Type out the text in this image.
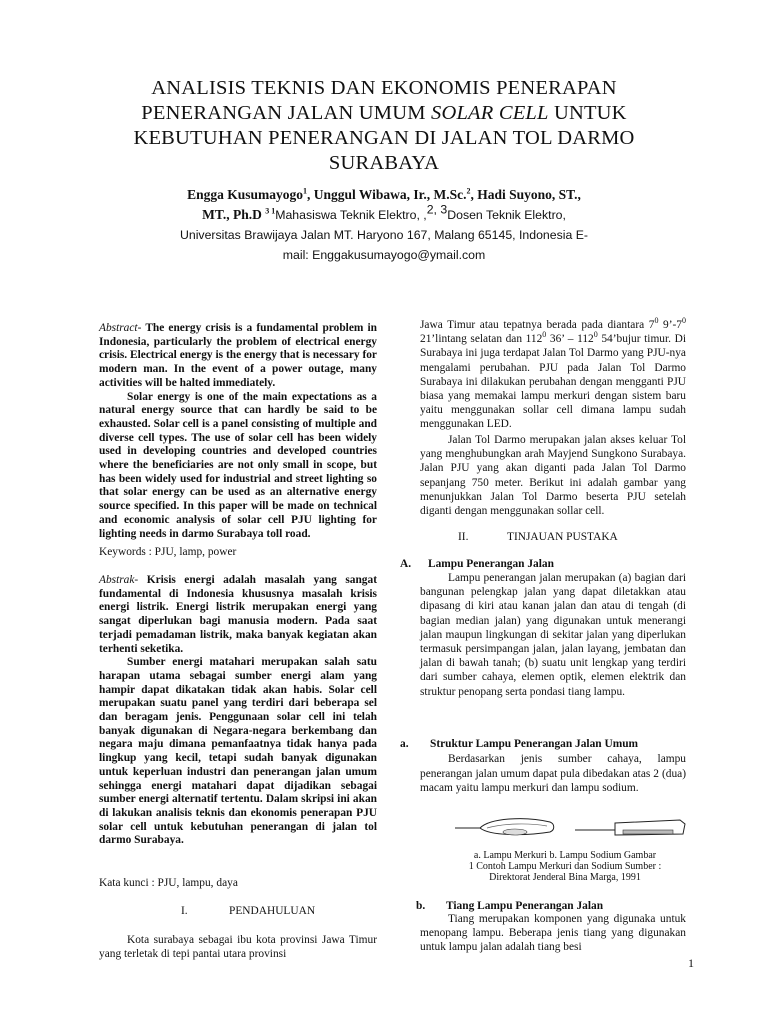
ANALISIS TEKNIS DAN EKONOMIS PENERAPAN
PENERANGAN JALAN UMUM SOLAR CELL UNTUK
KEBUTUHAN PENERANGAN DI JALAN TOL DARMO
SURABAYA
Engga Kusumayogo$^1$, Unggul Wibawa, Ir., M.Sc.$^2$, Hadi Suyono, ST.,
MT., Ph.D $^{3 1}$Mahasiswa Teknik Elektro, ,$^{2, 3}$Dosen Teknik Elektro,
Universitas Brawijaya Jalan MT. Haryono 167, Malang 65145, Indonesia E-
mail: Enggakusumayogo@ymail.com
Abstract- The energy crisis is a fundamental problem in Indonesia, particularly the problem of electrical energy crisis. Electrical energy is the energy that is necessary for modern man. In the event of a power outage, many activities will be halted immediately.
Solar energy is one of the main expectations as a natural energy source that can hardly be said to be exhausted. Solar cell is a panel consisting of multiple and diverse cell types. The use of solar cell has been widely used in developing countries and developed countries where the beneficiaries are not only small in scope, but has been widely used for industrial and street lighting so that solar energy can be used as an alternative energy source specified. In this paper will be made on technical and economic analysis of solar cell PJU lighting for lighting needs in darmo Surabaya toll road.
Keywords : PJU, lamp, power
Abstrak- Krisis energi adalah masalah yang sangat fundamental di Indonesia khususnya masalah krisis energi listrik. Energi listrik merupakan energi yang sangat diperlukan bagi manusia modern. Pada saat terjadi pemadaman listrik, maka banyak kegiatan akan terhenti seketika.
Sumber energi matahari merupakan salah satu harapan utama sebagai sumber energi alam yang hampir dapat dikatakan tidak akan habis. Solar cell merupakan suatu panel yang terdiri dari beberapa sel dan beragam jenis. Penggunaan solar cell ini telah banyak digunakan di Negara-negara berkembang dan negara maju dimana pemanfaatnya tidak hanya pada lingkup yang kecil, tetapi sudah banyak digunakan untuk keperluan industri dan penerangan jalan umum sehingga energi matahari dapat dijadikan sebagai sumber energi alternatif tertentu. Dalam skripsi ini akan di lakukan analisis teknis dan ekonomis penerapan PJU solar cell untuk kebutuhan penerangan di jalan tol darmo Surabaya.
Kata kunci : PJU, lampu, daya
I.	PENDAHULUAN
Kota surabaya sebagai ibu kota provinsi Jawa Timur yang terletak di tepi pantai utara provinsi
Jawa Timur atau tepatnya berada pada diantara $7^0$ $9’-7^0$ 21’lintang selatan dan $112^0$ 36’ – $112^0$ 54’bujur timur. Di Surabaya ini juga terdapat Jalan Tol Darmo yang PJU-nya mengalami perubahan. PJU pada Jalan Tol Darmo Surabaya ini dilakukan perubahan dengan mengganti PJU biasa yang memakai lampu merkuri dengan sistem baru yaitu menggunakan sollar cell dimana lampu sudah menggunakan LED.
Jalan Tol Darmo merupakan jalan akses keluar Tol yang menghubungkan arah Mayjend Sungkono Surabaya. Jalan PJU yang akan diganti pada Jalan Tol Darmo sepanjang 750 meter. Berikut ini adalah gambar yang menunjukkan Jalan Tol Darmo beserta PJU setelah diganti dengan menggunakan sollar cell.
II.	TINJAUAN PUSTAKA
A. Lampu Penerangan Jalan
Lampu penerangan jalan merupakan (a) bagian dari bangunan pelengkap jalan yang dapat diletakkan atau dipasang di kiri atau kanan jalan dan atau di tengah (di bagian median jalan) yang digunakan untuk menerangi jalan maupun lingkungan di sekitar jalan yang diperlukan termasuk persimpangan jalan, jalan layang, jembatan dan jalan di bawah tanah; (b) suatu unit lengkap yang terdiri dari sumber cahaya, elemen optik, elemen elektrik dan struktur penopang serta pondasi tiang lampu.
a. Struktur Lampu Penerangan Jalan Umum
Berdasarkan jenis sumber cahaya, lampu penerangan jalan umum dapat pula dibedakan atas 2 (dua) macam yaitu lampu merkuri dan lampu sodium.
a. Lampu Merkuri b. Lampu Sodium Gambar
1 Contoh Lampu Merkuri dan Sodium Sumber :
Direktorat Jenderal Bina Marga, 1991
b. Tiang Lampu Penerangan Jalan
Tiang merupakan komponen yang digunaka untuk menopang lampu. Beberapa jenis tiang yang digunakan untuk lampu jalan adalah tiang besi
1
